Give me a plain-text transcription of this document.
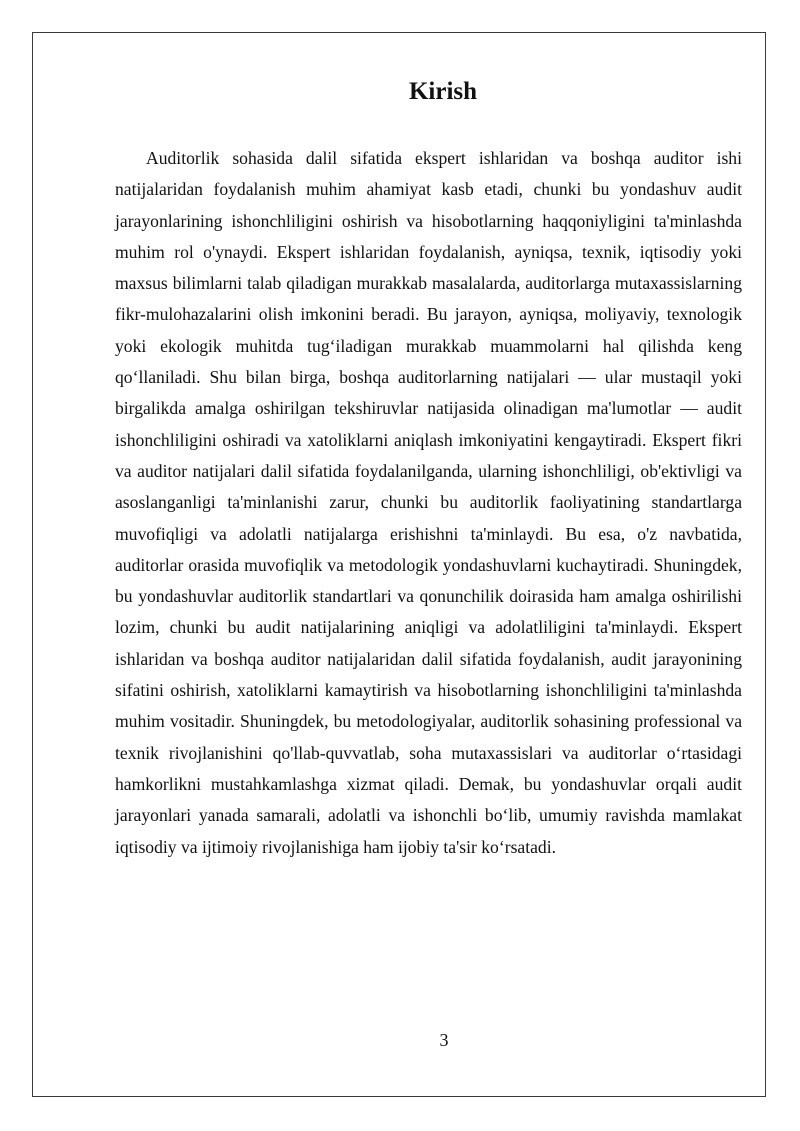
Kirish

Auditorlik sohasida dalil sifatida ekspert ishlaridan va boshqa auditor ishi natijalaridan foydalanish muhim ahamiyat kasb etadi, chunki bu yondashuv audit jarayonlarining ishonchliligini oshirish va hisobotlarning haqqoniyligini ta'minlashda muhim rol o'ynaydi. Ekspert ishlaridan foydalanish, ayniqsa, texnik, iqtisodiy yoki maxsus bilimlarni talab qiladigan murakkab masalalarda, auditorlarga mutaxassislarning fikr-mulohazalarini olish imkonini beradi. Bu jarayon, ayniqsa, moliyaviy, texnologik yoki ekologik muhitda tug‘iladigan murakkab muammolarni hal qilishda keng qo‘llaniladi. Shu bilan birga, boshqa auditorlarning natijalari — ular mustaqil yoki birgalikda amalga oshirilgan tekshiruvlar natijasida olinadigan ma'lumotlar — audit ishonchliligini oshiradi va xatoliklarni aniqlash imkoniyatini kengaytiradi. Ekspert fikri va auditor natijalari dalil sifatida foydalanilganda, ularning ishonchliligi, ob'ektivligi va asoslanganligi ta'minlanishi zarur, chunki bu auditorlik faoliyatining standartlarga muvofiqligi va adolatli natijalarga erishishni ta'minlaydi. Bu esa, o'z navbatida, auditorlar orasida muvofiqlik va metodologik yondashuvlarni kuchaytiradi. Shuningdek, bu yondashuvlar auditorlik standartlari va qonunchilik doirasida ham amalga oshirilishi lozim, chunki bu audit natijalarining aniqligi va adolatliligini ta'minlaydi. Ekspert ishlaridan va boshqa auditor natijalaridan dalil sifatida foydalanish, audit jarayonining sifatini oshirish, xatoliklarni kamaytirish va hisobotlarning ishonchliligini ta'minlashda muhim vositadir. Shuningdek, bu metodologiyalar, auditorlik sohasining professional va texnik rivojlanishini qo'llab-quvvatlab, soha mutaxassislari va auditorlar o‘rtasidagi hamkorlikni mustahkamlashga xizmat qiladi. Demak, bu yondashuvlar orqali audit jarayonlari yanada samarali, adolatli va ishonchli bo‘lib, umumiy ravishda mamlakat iqtisodiy va ijtimoiy rivojlanishiga ham ijobiy ta'sir ko‘rsatadi.

3
